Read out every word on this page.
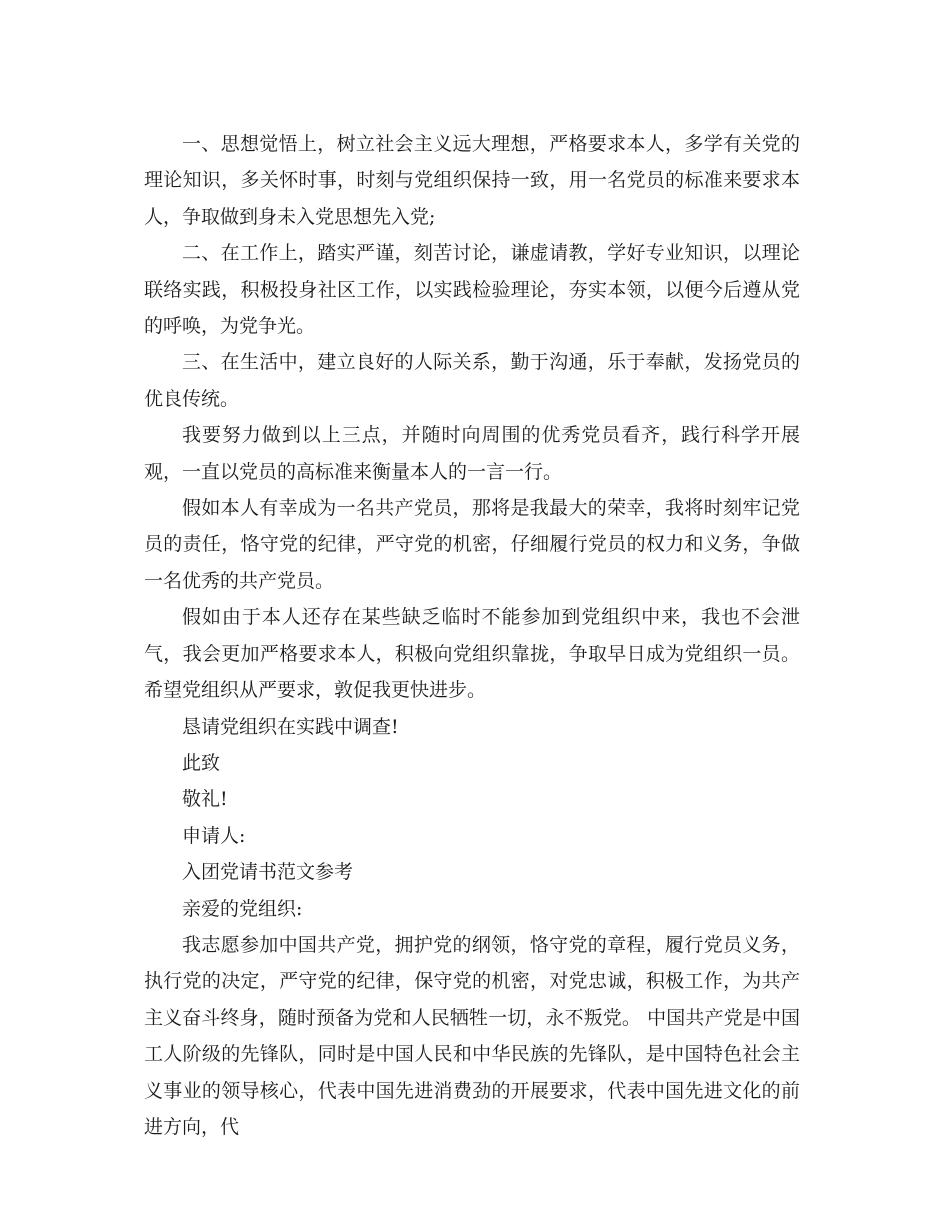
一、思想觉悟上，树立社会主义远大理想，严格要求本人，多学有关党的理论知识，多关怀时事，时刻与党组织保持一致，用一名党员的标准来要求本人，争取做到身未入党思想先入党;

二、在工作上，踏实严谨，刻苦讨论，谦虚请教，学好专业知识，以理论联络实践，积极投身社区工作，以实践检验理论，夯实本领，以便今后遵从党的呼唤，为党争光。

三、在生活中，建立良好的人际关系，勤于沟通，乐于奉献，发扬党员的优良传统。

我要努力做到以上三点，并随时向周围的优秀党员看齐，践行科学开展观，一直以党员的高标准来衡量本人的一言一行。

假如本人有幸成为一名共产党员，那将是我最大的荣幸，我将时刻牢记党员的责任，恪守党的纪律，严守党的机密，仔细履行党员的权力和义务，争做一名优秀的共产党员。

假如由于本人还存在某些缺乏临时不能参加到党组织中来，我也不会泄气，我会更加严格要求本人，积极向党组织靠拢，争取早日成为党组织一员。希望党组织从严要求，敦促我更快进步。

恳请党组织在实践中调查!

此致

敬礼!

申请人:

入团党请书范文参考

亲爱的党组织:

我志愿参加中国共产党，拥护党的纲领，恪守党的章程，履行党员义务，执行党的决定，严守党的纪律，保守党的机密，对党忠诚，积极工作，为共产主义奋斗终身，随时预备为党和人民牺牲一切，永不叛党。 中国共产党是中国工人阶级的先锋队，同时是中国人民和中华民族的先锋队，是中国特色社会主义事业的领导核心，代表中国先进消费劲的开展要求，代表中国先进文化的前进方向，代
